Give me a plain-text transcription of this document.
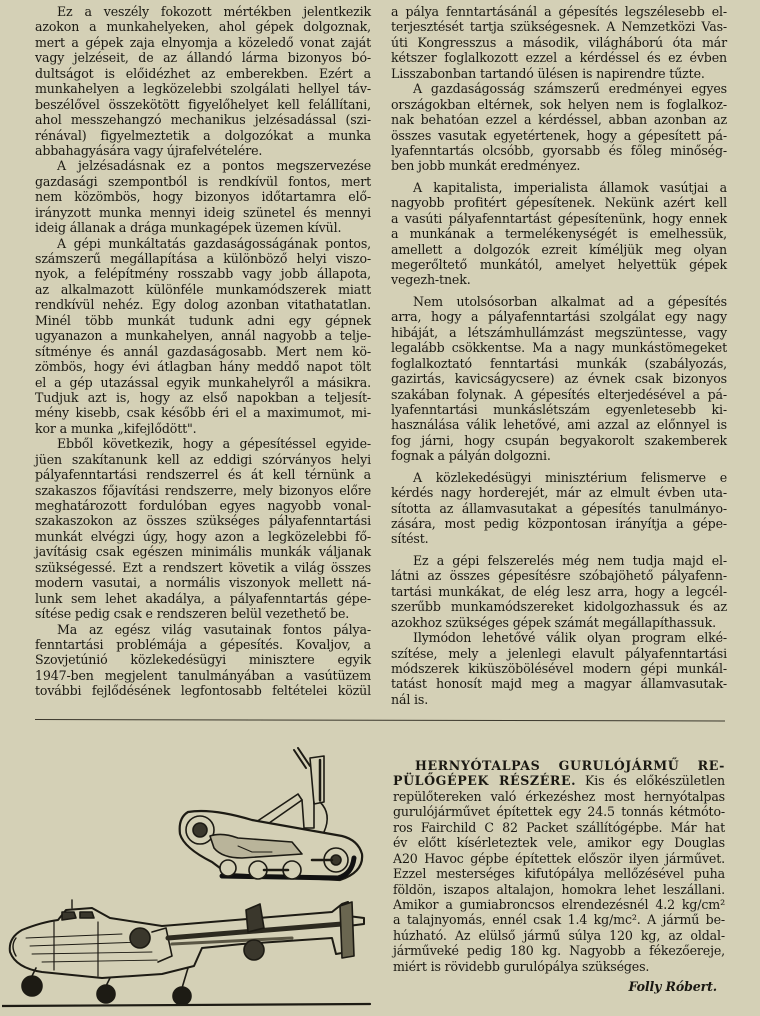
Ez a veszély fokozott mértékben jelentkezik
azokon a munkahelyeken, ahol gépek dolgoznak,
mert a gépek zaja elnyomja a közeledő vonat zaját
vagy jelzéseit, de az állandó lárma bizonyos bó-
dultságot is előidézhet az emberekben. Ezért a
munkahelyen a legközelebbi szolgálati hellyel táv-
beszélővel összekötött figyelőhelyet kell felállítani,
ahol messzehangzó mechanikus jelzésadással (szi-
rénával) figyelmeztetik a dolgozókat a munka
abbahagyására vagy újrafelvételére.
A jelzésadásnak ez a pontos megszervezése
gazdasági szempontból is rendkívül fontos, mert
nem közömbös, hogy bizonyos időtartamra elő-
irányzott munka mennyi ideig szünetel és mennyi
ideig állanak a drága munkagépek üzemen kívül.
A gépi munkáltatás gazdaságosságának pontos,
számszerű megállapítása a különböző helyi viszo-
nyok, a felépítmény rosszabb vagy jobb állapota,
az alkalmazott különféle munkamódszerek miatt
rendkívül nehéz. Egy dolog azonban vitathatatlan.
Minél több munkát tudunk adni egy gépnek
ugyanazon a munkahelyen, annál nagyobb a telje-
sítménye és annál gazdaságosabb. Mert nem kö-
zömbös, hogy évi átlagban hány meddő napot tölt
el a gép utazással egyik munkahelyről a másikra.
Tudjuk azt is, hogy az első napokban a teljesít-
mény kisebb, csak később éri el a maximumot, mi-
kor a munka „kifejlődött".
Ebből következik, hogy a gépesítéssel egyide-
jüen szakítanunk kell az eddigi szórványos helyi
pályafenntartási rendszerrel és át kell térnünk a
szakaszos főjavítási rendszerre, mely bizonyos előre
meghatározott fordulóban egyes nagyobb vonal-
szakaszokon az összes szükséges pályafenntartási
munkát elvégzi úgy, hogy azon a legközelebbi fő-
javításig csak egészen minimális munkák váljanak
szükségessé. Ezt a rendszert követik a világ összes
modern vasutai, a normális viszonyok mellett ná-
lunk sem lehet akadálya, a pályafenntartás gépe-
sítése pedig csak e rendszeren belül vezethető be.
Ma az egész világ vasutainak fontos pálya-
fenntartási problémája a gépesítés. Kovaljov, a
Szovjetúnió közlekedésügyi minisztere egyik
1947-ben megjelent tanulmányában a vasútüzem
további fejlődésének legfontosabb feltételei közül
a pálya fenntartásánál a gépesítés legszélesebb el-
terjesztését tartja szükségesnek. A Nemzetközi Vas-
úti Kongresszus a második, világháború óta már
kétszer foglalkozott ezzel a kérdéssel és ez évben
Lisszabonban tartandó ülésen is napirendre tűzte.
A gazdaságosság számszerű eredményei egyes
országokban eltérnek, sok helyen nem is foglalkoz-
nak behatóan ezzel a kérdéssel, abban azonban az
összes vasutak egyetértenek, hogy a gépesített pá-
lyafenntartás olcsóbb, gyorsabb és főleg minőség-
ben jobb munkát eredményez.
A kapitalista, imperialista államok vasútjai a
nagyobb profitért gépesítenek. Nekünk azért kell
a vasúti pályafenntartást gépesítenünk, hogy ennek
a munkának a termelékenységét is emelhessük,
amellett a dolgozók ezreit kíméljük meg olyan
megerőltető munkától, amelyet helyettük gépek
vegezh-tnek.
Nem utolsósorban alkalmat ad a gépesítés
arra, hogy a pályafenntartási szolgálat egy nagy
hibáját, a létszámhullámzást megszüntesse, vagy
legalább csökkentse. Ma a nagy munkástömegeket
foglalkoztató fenntartási munkák (szabályozás,
gazirtás, kavicságycsere) az évnek csak bizonyos
szakában folynak. A gépesítés elterjedésével a pá-
lyafenntartási munkáslétszám egyenletesebb ki-
használása válik lehetővé, ami azzal az előnnyel is
fog járni, hogy csupán begyakorolt szakemberek
fognak a pályán dolgozni.
A közlekedésügyi minisztérium felismerve e
kérdés nagy horderejét, már az elmult évben uta-
sította az államvasutakat a gépesítés tanulmányo-
zására, most pedig központosan irányítja a gépe-
sítést.
Ez a gépi felszerelés még nem tudja majd el-
látni az összes gépesítésre szóbajöhető pályafenn-
tartási munkákat, de elég lesz arra, hogy a legcél-
szerűbb munkamódszereket kidolgozhassuk és az
azokhoz szükséges gépek számát megállapíthassuk.
Ilymódon lehetővé válik olyan program elké-
szítése, mely a jelenlegi elavult pályafenntartási
módszerek kiküszöbölésével modern gépi munkál-
tatást honosít majd meg a magyar államvasutak-
nál is.
HERNYÓTALPAS GURULÓJÁRMŰ RE-
PÜLŐGÉPEK RÉSZÉRE. Kis és előkészületlen
repülőtereken való érkezéshez most hernyótalpas
gurulójárművet építettek egy 24.5 tonnás kétmóto-
ros Fairchild C 82 Packet szállítógépbe. Már hat
év előtt kísérleteztek vele, amikor egy Douglas
A20 Havoc gépbe építettek először ilyen járművet.
Ezzel mesterséges kifutópálya mellőzésével puha
földön, iszapos altalajon, homokra lehet leszállani.
Amikor a gumiabroncsos elrendezésnél 4.2 kg/cm²
a talajnyomás, ennél csak 1.4 kg/mc². A jármű be-
húzható. Az elülső jármű súlya 120 kg, az oldal-
járműveké pedig 180 kg. Nagyobb a fékezőereje,
miért is rövidebb gurulópálya szükséges.
Folly Róbert.
